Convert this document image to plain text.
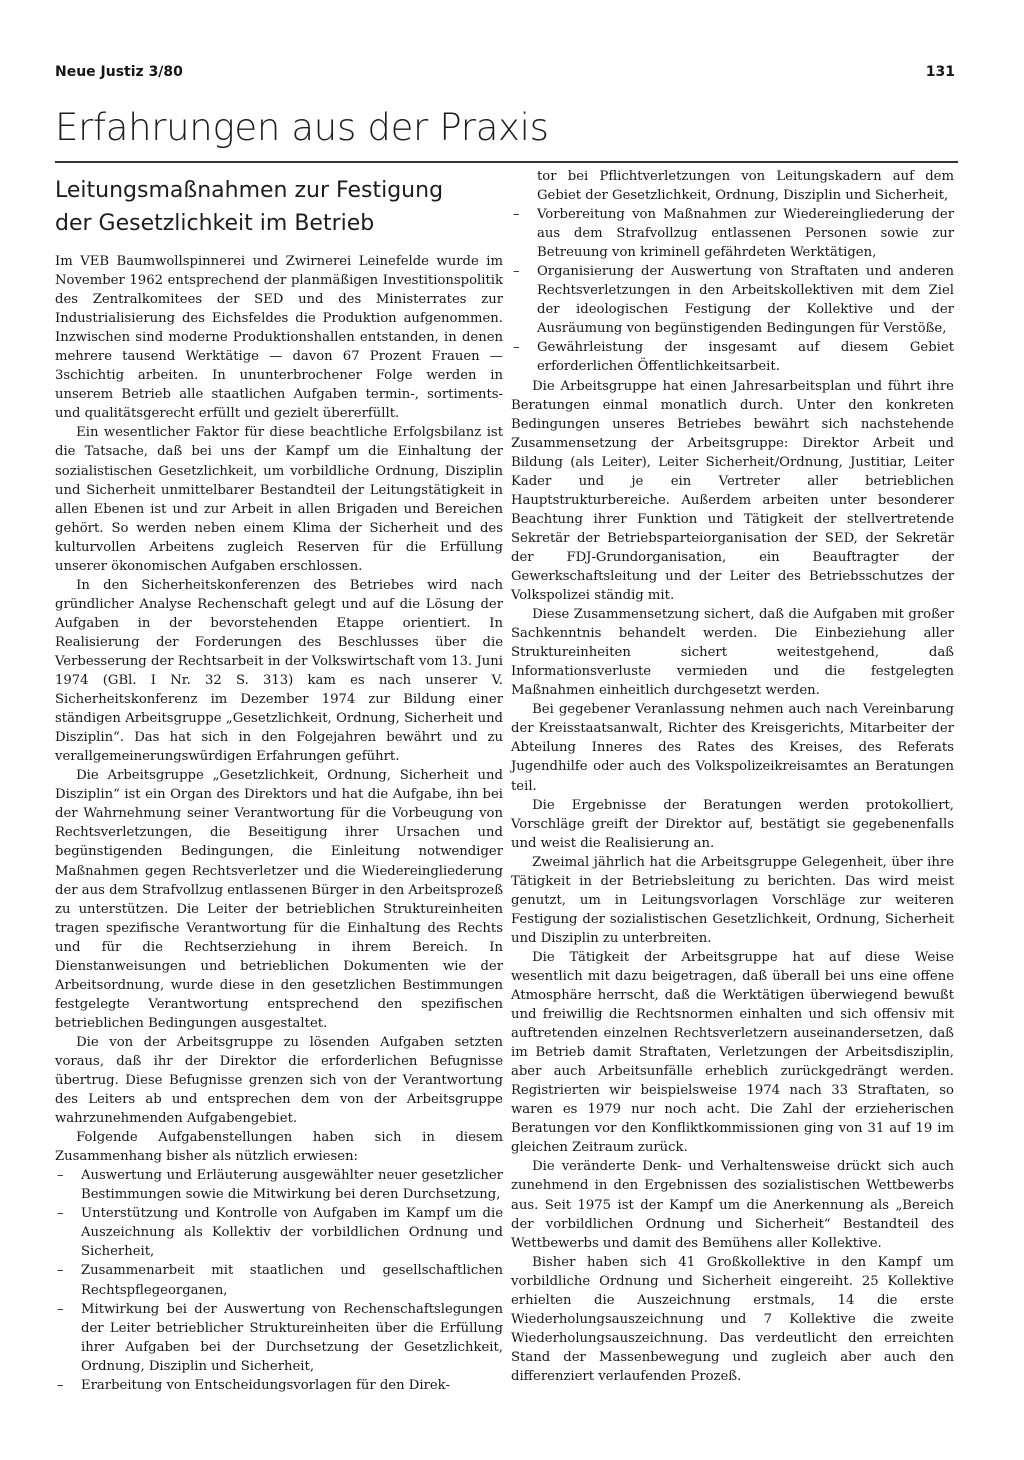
Neue Justiz 3/80	131
Erfahrungen aus der Praxis
Leitungsmaßnahmen zur Festigung
der Gesetzlichkeit im Betrieb

Im VEB Baumwollspinnerei und Zwirnerei Leinefelde wurde im November 1962 entsprechend der planmäßigen Investitionspolitik des Zentralkomitees der SED und des Ministerrates zur Industrialisierung des Eichsfeldes die Produktion aufgenommen. Inzwischen sind moderne Produktionshallen entstanden, in denen mehrere tausend Werktätige — davon 67 Prozent Frauen — 3schichtig arbeiten. In ununterbrochener Folge werden in unserem Betrieb alle staatlichen Aufgaben termin-, sortiments- und qualitätsgerecht erfüllt und gezielt übererfüllt.

Ein wesentlicher Faktor für diese beachtliche Erfolgsbilanz ist die Tatsache, daß bei uns der Kampf um die Einhaltung der sozialistischen Gesetzlichkeit, um vorbildliche Ordnung, Disziplin und Sicherheit unmittelbarer Bestandteil der Leitungstätigkeit in allen Ebenen ist und zur Arbeit in allen Brigaden und Bereichen gehört. So werden neben einem Klima der Sicherheit und des kulturvollen Arbeitens zugleich Reserven für die Erfüllung unserer ökonomischen Aufgaben erschlossen.

In den Sicherheitskonferenzen des Betriebes wird nach gründlicher Analyse Rechenschaft gelegt und auf die Lösung der Aufgaben in der bevorstehenden Etappe orientiert. In Realisierung der Forderungen des Beschlusses über die Verbesserung der Rechtsarbeit in der Volkswirtschaft vom 13. Juni 1974 (GBl. I Nr. 32 S. 313) kam es nach unserer V. Sicherheitskonferenz im Dezember 1974 zur Bildung einer ständigen Arbeitsgruppe „Gesetzlichkeit, Ordnung, Sicherheit und Disziplin“. Das hat sich in den Folgejahren bewährt und zu verallgemeinerungswürdigen Erfahrungen geführt.

Die Arbeitsgruppe „Gesetzlichkeit, Ordnung, Sicherheit und Disziplin“ ist ein Organ des Direktors und hat die Aufgabe, ihn bei der Wahrnehmung seiner Verantwortung für die Vorbeugung von Rechtsverletzungen, die Beseitigung ihrer Ursachen und begünstigenden Bedingungen, die Einleitung notwendiger Maßnahmen gegen Rechtsverletzer und die Wiedereingliederung der aus dem Strafvollzug entlassenen Bürger in den Arbeitsprozeß zu unterstützen. Die Leiter der betrieblichen Struktureinheiten tragen spezifische Verantwortung für die Einhaltung des Rechts und für die Rechtserziehung in ihrem Bereich. In Dienstanweisungen und betrieblichen Dokumenten wie der Arbeitsordnung, wurde diese in den gesetzlichen Bestimmungen festgelegte Verantwortung entsprechend den spezifischen betrieblichen Bedingungen ausgestaltet.

Die von der Arbeitsgruppe zu lösenden Aufgaben setzten voraus, daß ihr der Direktor die erforderlichen Befugnisse übertrug. Diese Befugnisse grenzen sich von der Verantwortung des Leiters ab und entsprechen dem von der Arbeitsgruppe wahrzunehmenden Aufgabengebiet.

Folgende Aufgabenstellungen haben sich in diesem Zusammenhang bisher als nützlich erwiesen:

– Auswertung und Erläuterung ausgewählter neuer gesetzlicher Bestimmungen sowie die Mitwirkung bei deren Durchsetzung,
– Unterstützung und Kontrolle von Aufgaben im Kampf um die Auszeichnung als Kollektiv der vorbildlichen Ordnung und Sicherheit,
– Zusammenarbeit mit staatlichen und gesellschaftlichen Rechtspflegeorganen,
– Mitwirkung bei der Auswertung von Rechenschaftslegungen der Leiter betrieblicher Struktureinheiten über die Erfüllung ihrer Aufgaben bei der Durchsetzung der Gesetzlichkeit, Ordnung, Disziplin und Sicherheit,
– Erarbeitung von Entscheidungsvorlagen für den Direk-

tor bei Pflichtverletzungen von Leitungskadern auf dem Gebiet der Gesetzlichkeit, Ordnung, Disziplin und Sicherheit,

– Vorbereitung von Maßnahmen zur Wiedereingliederung der aus dem Strafvollzug entlassenen Personen sowie zur Betreuung von kriminell gefährdeten Werktätigen,
– Organisierung der Auswertung von Straftaten und anderen Rechtsverletzungen in den Arbeitskollektiven mit dem Ziel der ideologischen Festigung der Kollektive und der Ausräumung von begünstigenden Bedingungen für Verstöße,
– Gewährleistung der insgesamt auf diesem Gebiet erforderlichen Öffentlichkeitsarbeit.

Die Arbeitsgruppe hat einen Jahresarbeitsplan und führt ihre Beratungen einmal monatlich durch. Unter den konkreten Bedingungen unseres Betriebes bewährt sich nachstehende Zusammensetzung der Arbeitsgruppe: Direktor Arbeit und Bildung (als Leiter), Leiter Sicherheit/Ordnung, Justitiar, Leiter Kader und je ein Vertreter aller betrieblichen Hauptstrukturbereiche. Außerdem arbeiten unter besonderer Beachtung ihrer Funktion und Tätigkeit der stellvertretende Sekretär der Betriebsparteiorganisation der SED, der Sekretär der FDJ-Grundorganisation, ein Beauftragter der Gewerkschaftsleitung und der Leiter des Betriebsschutzes der Volkspolizei ständig mit.

Diese Zusammensetzung sichert, daß die Aufgaben mit großer Sachkenntnis behandelt werden. Die Einbeziehung aller Struktureinheiten sichert weitestgehend, daß Informationsverluste vermieden und die festgelegten Maßnahmen einheitlich durchgesetzt werden.

Bei gegebener Veranlassung nehmen auch nach Vereinbarung der Kreisstaatsanwalt, Richter des Kreisgerichts, Mitarbeiter der Abteilung Inneres des Rates des Kreises, des Referats Jugendhilfe oder auch des Volkspolizeikreisamtes an Beratungen teil.

Die Ergebnisse der Beratungen werden protokolliert, Vorschläge greift der Direktor auf, bestätigt sie gegebenenfalls und weist die Realisierung an.

Zweimal jährlich hat die Arbeitsgruppe Gelegenheit, über ihre Tätigkeit in der Betriebsleitung zu berichten. Das wird meist genutzt, um in Leitungsvorlagen Vorschläge zur weiteren Festigung der sozialistischen Gesetzlichkeit, Ordnung, Sicherheit und Disziplin zu unterbreiten.

Die Tätigkeit der Arbeitsgruppe hat auf diese Weise wesentlich mit dazu beigetragen, daß überall bei uns eine offene Atmosphäre herrscht, daß die Werktätigen überwiegend bewußt und freiwillig die Rechtsnormen einhalten und sich offensiv mit auftretenden einzelnen Rechtsverletzern auseinandersetzen, daß im Betrieb damit Straftaten, Verletzungen der Arbeitsdisziplin, aber auch Arbeitsunfälle erheblich zurückgedrängt werden. Registrierten wir beispielsweise 1974 nach 33 Straftaten, so waren es 1979 nur noch acht. Die Zahl der erzieherischen Beratungen vor den Konfliktkommissionen ging von 31 auf 19 im gleichen Zeitraum zurück.

Die veränderte Denk- und Verhaltensweise drückt sich auch zunehmend in den Ergebnissen des sozialistischen Wettbewerbs aus. Seit 1975 ist der Kampf um die Anerkennung als „Bereich der vorbildlichen Ordnung und Sicherheit“ Bestandteil des Wettbewerbs und damit des Bemühens aller Kollektive.

Bisher haben sich 41 Großkollektive in den Kampf um vorbildliche Ordnung und Sicherheit eingereiht. 25 Kollektive erhielten die Auszeichnung erstmals, 14 die erste Wiederholungsauszeichnung und 7 Kollektive die zweite Wiederholungsauszeichnung. Das verdeutlicht den erreichten Stand der Massenbewegung und zugleich aber auch den differenziert verlaufenden Prozeß.
